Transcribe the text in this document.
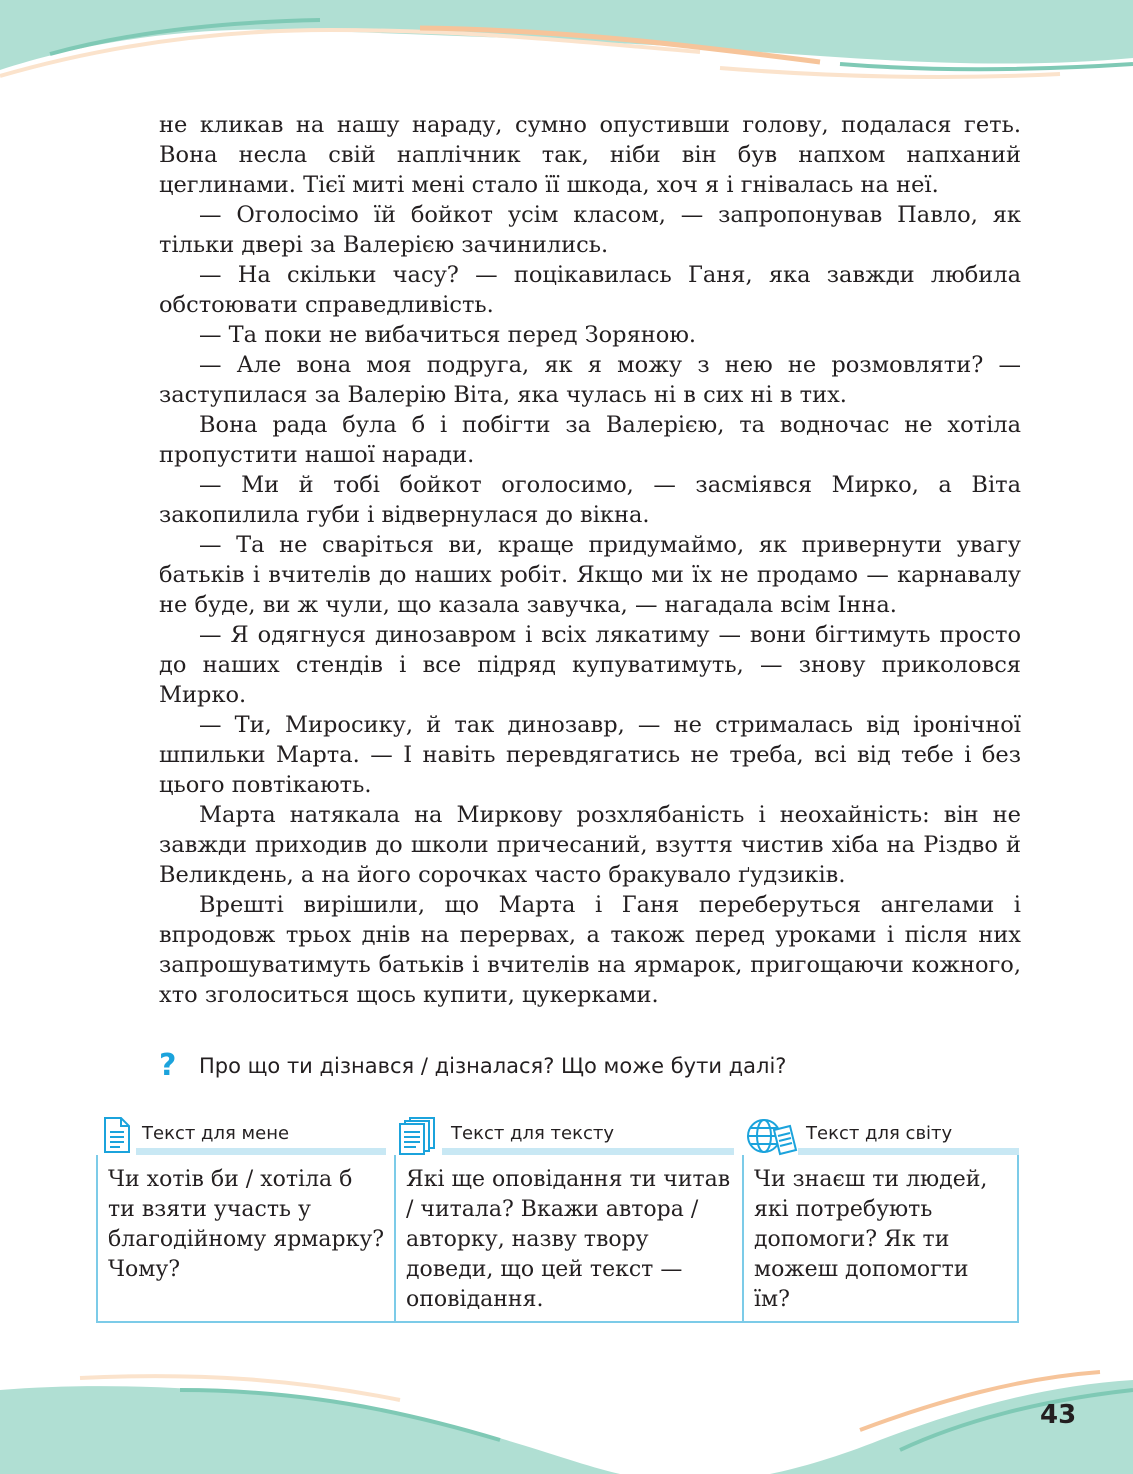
не кликав на нашу нараду, сумно опустивши голову, подалася геть. Вона несла свій наплічник так, ніби він був напхом напханий цеглинами. Тієї миті мені стало її шкода, хоч я і гнівалась на неї.

— Оголосімо їй бойкот усім класом, — запропонував Павло, як тільки двері за Валерією зачинились.

— На скільки часу? — поцікавилась Ганя, яка завжди любила обстоювати справедливість.

— Та поки не вибачиться перед Зоряною.

— Але вона моя подруга, як я можу з нею не розмовляти? — заступилася за Валерію Віта, яка чулась ні в сих ні в тих.

Вона рада була б і побігти за Валерією, та водночас не хотіла пропустити нашої наради.

— Ми й тобі бойкот оголосимо, — засміявся Мирко, а Віта закопилила губи і відвернулася до вікна.

— Та не сваріться ви, краще придумаймо, як привернути увагу батьків і вчителів до наших робіт. Якщо ми їх не продамо — карнавалу не буде, ви ж чули, що казала завучка, — нагадала всім Інна.

— Я одягнуся динозавром і всіх лякатиму — вони бігтимуть просто до наших стендів і все підряд купуватимуть, — знову приколовся Мирко.

— Ти, Миросику, й так динозавр, — не стрималась від іронічної шпильки Марта. — І навіть перевдягатись не треба, всі від тебе і без цього повтікають.

Марта натякала на Миркову розхлябаність і неохайність: він не завжди приходив до школи причесаний, взуття чистив хіба на Різдво й Великдень, а на його сорочках часто бракувало ґудзиків.

Врешті вирішили, що Марта і Ганя переберуться ангелами і впродовж трьох днів на перервах, а також перед уроками і після них запрошуватимуть батьків і вчителів на ярмарок, пригощаючи кожного, хто зголоситься щось купити, цукерками.

?	Про що ти дізнався / дізналася? Що може бути далі?
Текст для мене

Чи хотів би / хотіла б ти взяти участь у благодійному ярмарку? Чому?

Текст для тексту

Які ще оповідання ти читав / читала? Вкажи автора / авторку, назву твору доведи, що цей текст — оповідання.

Текст для світу

Чи знаєш ти людей, які потребують допомоги? Як ти можеш допомогти їм?

43
